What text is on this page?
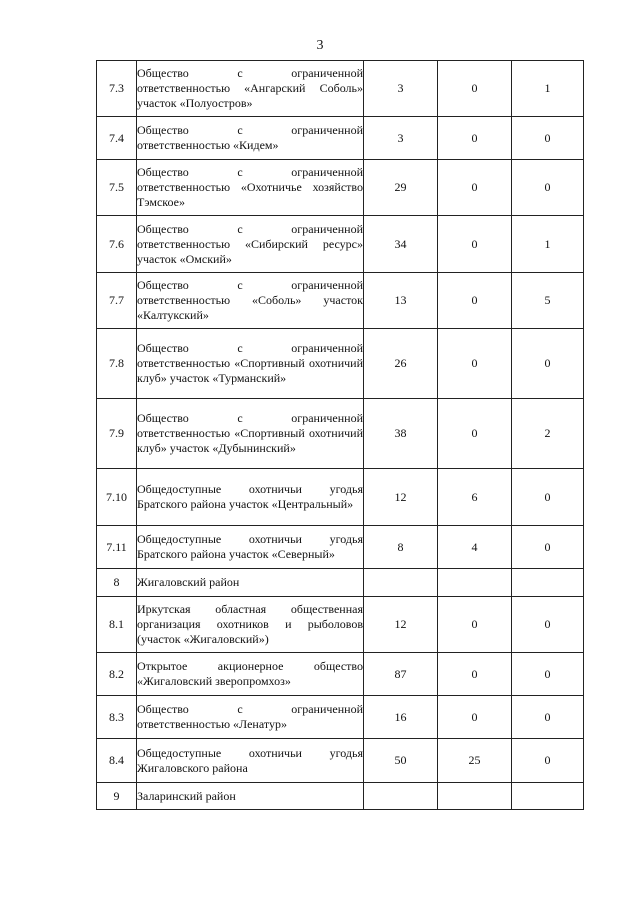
3
7.3	Общество с ограниченной ответственностью «Ангарский Соболь» участок «Полуостров»	3	0	1
7.4	Общество с ограниченной ответственностью «Кидем»	3	0	0
7.5	Общество с ограниченной ответственностью «Охотничье хозяйство Тэмское»	29	0	0
7.6	Общество с ограниченной ответственностью «Сибирский ресурс» участок «Омский»	34	0	1
7.7	Общество с ограниченной ответственностью «Соболь» участок «Калтукский»	13	0	5
7.8	Общество с ограниченной ответственностью «Спортивный охотничий клуб» участок «Турманский»	26	0	0
7.9	Общество с ограниченной ответственностью «Спортивный охотничий клуб» участок «Дубынинский»	38	0	2
7.10	Общедоступные охотничьи угодья Братского района участок «Центральный»	12	6	0
7.11	Общедоступные охотничьи угодья Братского района участок «Северный»	8	4	0
8	Жигаловский район			
8.1	Иркутская областная общественная организация охотников и рыболовов (участок «Жигаловский»)	12	0	0
8.2	Открытое акционерное общество «Жигаловский зверопромхоз»	87	0	0
8.3	Общество с ограниченной ответственностью «Ленатур»	16	0	0
8.4	Общедоступные охотничьи угодья Жигаловского района	50	25	0
9	Заларинский район			
